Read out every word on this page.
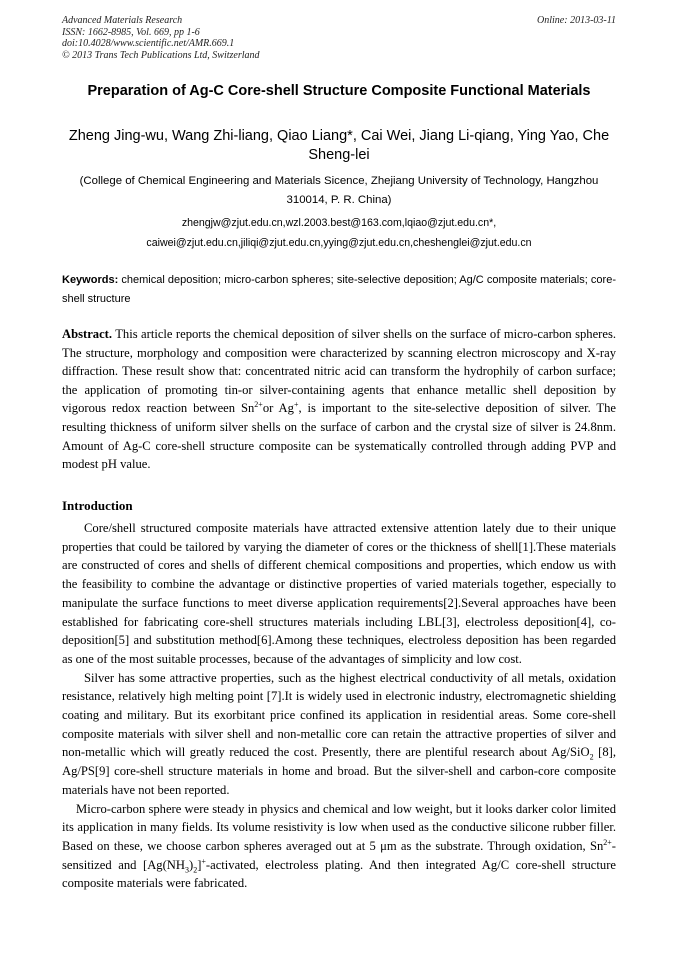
Advanced Materials Research
ISSN: 1662-8985, Vol. 669, pp 1-6
doi:10.4028/www.scientific.net/AMR.669.1
© 2013 Trans Tech Publications Ltd, Switzerland
Online: 2013-03-11
Preparation of Ag-C Core-shell Structure Composite Functional Materials
Zheng Jing-wu, Wang Zhi-liang, Qiao Liang*, Cai Wei, Jiang Li-qiang, Ying Yao, Che Sheng-lei
(College of Chemical Engineering and Materials Sicence, Zhejiang University of Technology, Hangzhou 310014, P. R. China)
zhengjw@zjut.edu.cn,wzl.2003.best@163.com,lqiao@zjut.edu.cn*,
caiwei@zjut.edu.cn,jiliqi@zjut.edu.cn,yying@zjut.edu.cn,cheshenglei@zjut.edu.cn
Keywords: chemical deposition; micro-carbon spheres; site-selective deposition; Ag/C composite materials; core-shell structure
Abstract. This article reports the chemical deposition of silver shells on the surface of micro-carbon spheres. The structure, morphology and composition were characterized by scanning electron microscopy and X-ray diffraction. These result show that: concentrated nitric acid can transform the hydrophily of carbon surface; the application of promoting tin-or silver-containing agents that enhance metallic shell deposition by vigorous redox reaction between $Sn^{2+}or$ Ag+, is important to the site-selective deposition of silver. The resulting thickness of uniform silver shells on the surface of carbon and the crystal size of silver is 24.8nm. Amount of Ag-C core-shell structure composite can be systematically controlled through adding PVP and modest pH value.
Introduction

Core/shell structured composite materials have attracted extensive attention lately due to their unique properties that could be tailored by varying the diameter of cores or the thickness of shell[1].These materials are constructed of cores and shells of different chemical compositions and properties, which endow us with the feasibility to combine the advantage or distinctive properties of varied materials together, especially to manipulate the surface functions to meet diverse application requirements[2].Several approaches have been established for fabricating core-shell structures materials including LBL[3], electroless deposition[4], co-deposition[5] and substitution method[6].Among these techniques, electroless deposition has been regarded as one of the most suitable processes, because of the advantages of simplicity and low cost.

Silver has some attractive properties, such as the highest electrical conductivity of all metals, oxidation resistance, relatively high melting point [7].It is widely used in electronic industry, electromagnetic shielding coating and military. But its exorbitant price confined its application in residential areas. Some core-shell composite materials with silver shell and non-metallic core can retain the attractive properties of silver and non-metallic which will greatly reduced the cost. Presently, there are plentiful research about Ag/SiO$_2$ [8], Ag/PS[9] core-shell structure materials in home and broad. But the silver-shell and carbon-core composite materials have not been reported.

Micro-carbon sphere were steady in physics and chemical and low weight, but it looks darker color limited its application in many fields. Its volume resistivity is low when used as the conductive silicone rubber filler. Based on these, we choose carbon spheres averaged out at 5 μm as the substrate. Through oxidation, $Sn^{2+}$-sensitized and $[Ag(NH_3)_2]^+$-activated, electroless plating. And then integrated Ag/C core-shell structure composite materials were fabricated.
